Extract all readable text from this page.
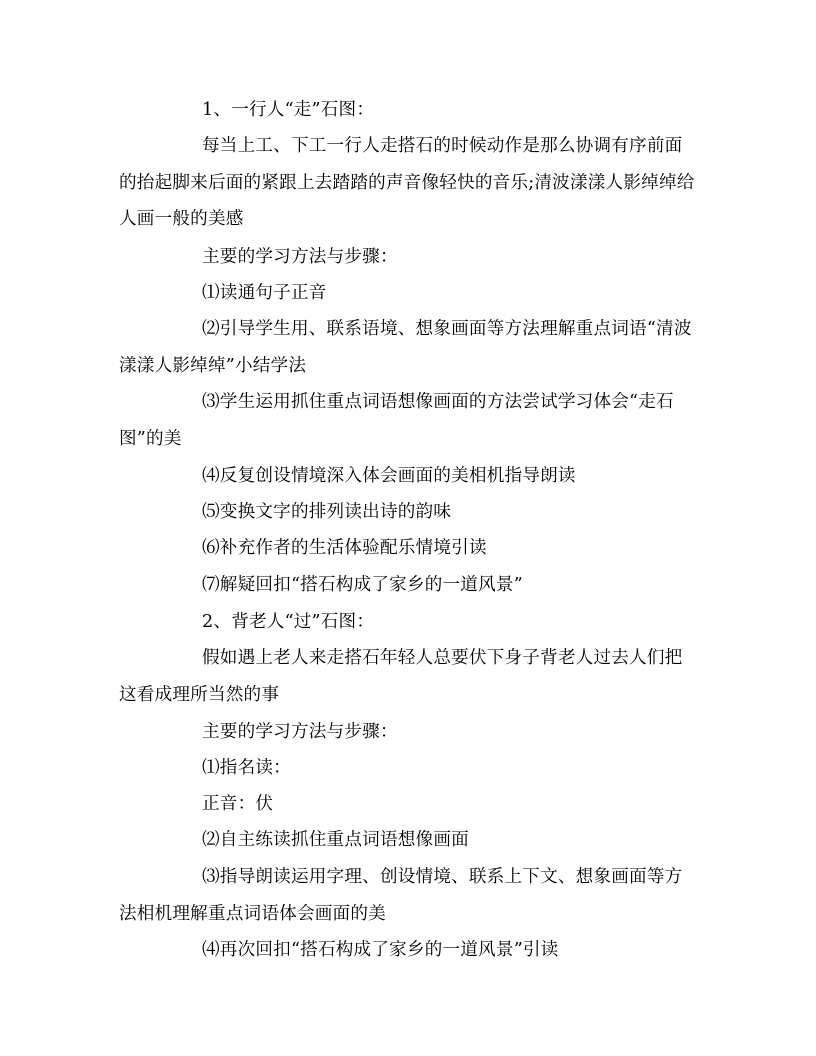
1、一行人“走”石图：

每当上工、下工一行人走搭石的时候动作是那么协调有序前面的抬起脚来后面的紧跟上去踏踏的声音像轻快的音乐;清波漾漾人影绰绰给人画一般的美感

主要的学习方法与步骤：

⑴读通句子正音

⑵引导学生用、联系语境、想象画面等方法理解重点词语“清波漾漾人影绰绰”小结学法

⑶学生运用抓住重点词语想像画面的方法尝试学习体会“走石图”的美

⑷反复创设情境深入体会画面的美相机指导朗读

⑸变换文字的排列读出诗的韵味

⑹补充作者的生活体验配乐情境引读

⑺解疑回扣“搭石构成了家乡的一道风景”

2、背老人“过”石图：

假如遇上老人来走搭石年轻人总要伏下身子背老人过去人们把这看成理所当然的事

主要的学习方法与步骤：

⑴指名读：

正音：伏

⑵自主练读抓住重点词语想像画面

⑶指导朗读运用字理、创设情境、联系上下文、想象画面等方法相机理解重点词语体会画面的美

⑷再次回扣“搭石构成了家乡的一道风景”引读
